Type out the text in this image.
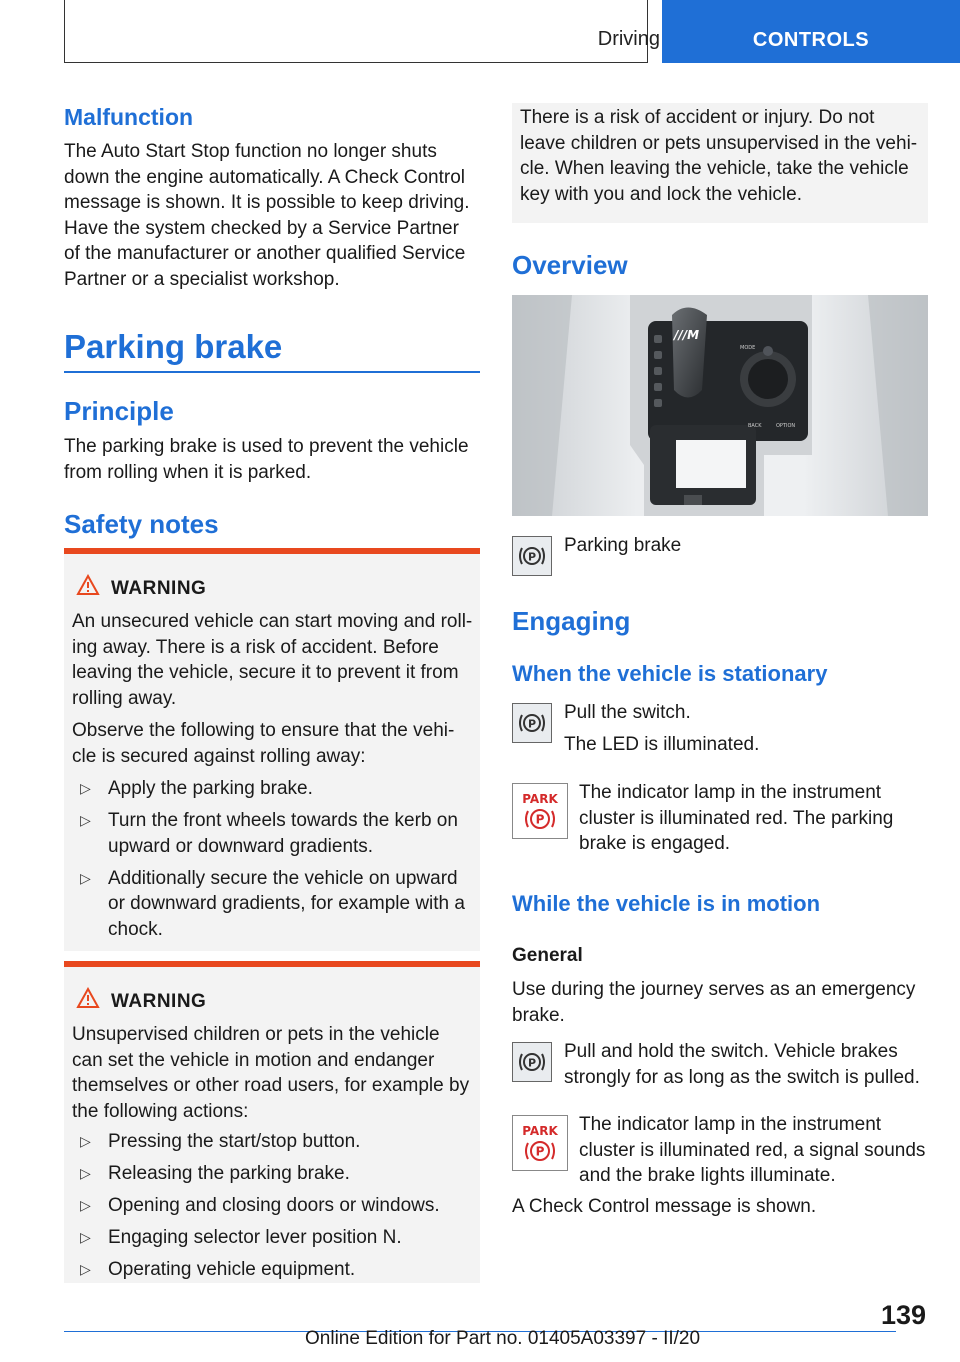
Driving	CONTROLS
Malfunction
The Auto Start Stop function no longer shuts
down the engine automatically. A Check Control
message is shown. It is possible to keep driving.
Have the system checked by a Service Partner
of the manufacturer or another qualified Service
Partner or a specialist workshop.
Parking brake
Principle
The parking brake is used to prevent the vehicle
from rolling when it is parked.
Safety notes
WARNING
An unsecured vehicle can start moving and roll-
ing away. There is a risk of accident. Before
leaving the vehicle, secure it to prevent it from
rolling away.
Observe the following to ensure that the vehi-
cle is secured against rolling away:
▷ Apply the parking brake.
▷ Turn the front wheels towards the kerb on upward or downward gradients.
▷ Additionally secure the vehicle on upward or downward gradients, for example with a chock.
WARNING
Unsupervised children or pets in the vehicle
can set the vehicle in motion and endanger
themselves or other road users, for example by
the following actions:
▷ Pressing the start/stop button.
▷ Releasing the parking brake.
▷ Opening and closing doors or windows.
▷ Engaging selector lever position N.
▷ Operating vehicle equipment.
There is a risk of accident or injury. Do not
leave children or pets unsupervised in the vehi-
cle. When leaving the vehicle, take the vehicle
key with you and lock the vehicle.
Overview
///M
MODE
BACK	OPTION
P
Parking brake
Engaging
When the vehicle is stationary
P
Pull the switch.
The LED is illuminated.
PARK
P
The indicator lamp in the instrument
cluster is illuminated red. The parking
brake is engaged.
While the vehicle is in motion
General
Use during the journey serves as an emergency
brake.
P
Pull and hold the switch. Vehicle brakes
strongly for as long as the switch is pulled.
PARK
P
The indicator lamp in the instrument
cluster is illuminated red, a signal sounds
and the brake lights illuminate.
A Check Control message is shown.
139
Online Edition for Part no. 01405A03397 - II/20
